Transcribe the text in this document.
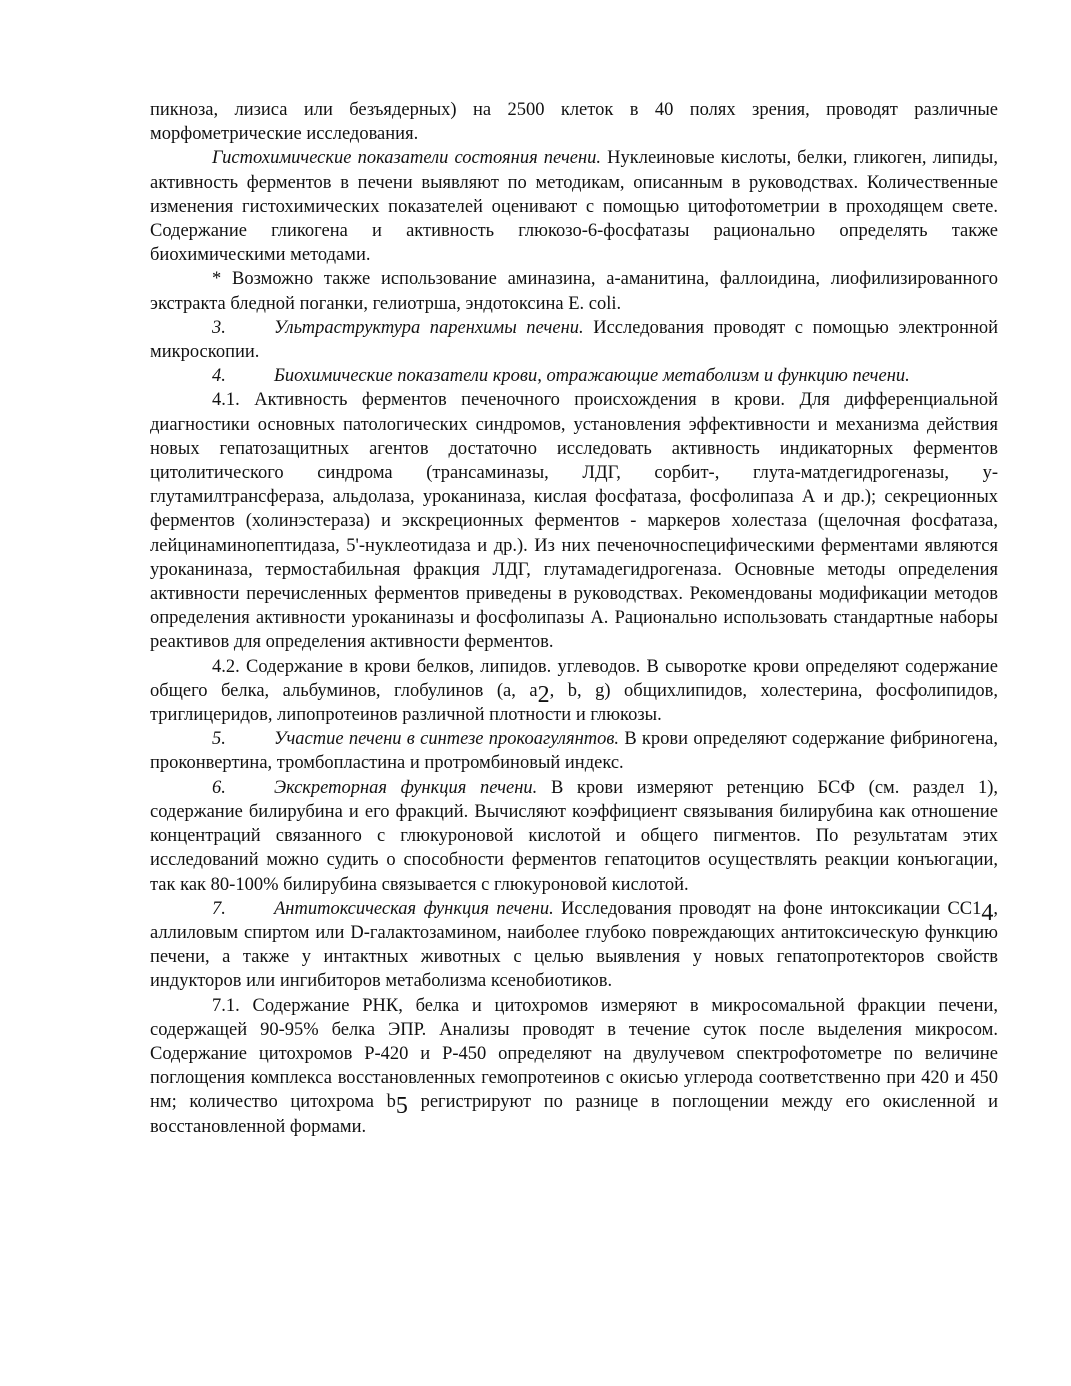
пикноза, лизиса или безъядерных) на 2500 клеток в 40 полях зрения, проводят различные морфометрические исследования.

Гистохимические показатели состояния печени. Нуклеиновые кислоты, белки, гликоген, липиды, активность ферментов в печени выявляют по методикам, описанным в руководствах. Количественные изменения гистохимических показателей оценивают с помощью цитофотометрии в проходящем свете. Содержание гликогена и активность глюкозо-6-фосфатазы рационально определять также биохимическими методами.

* Возможно также использование аминазина, а-аманитина, фаллоидина, лиофилизированного экстракта бледной поганки, гелиотрша, эндотоксина Е. coli.

3.	Ультраструктура паренхимы печени. Исследования проводят с помощью электронной микроскопии.

4.	Биохимические показатели крови, отражающие метаболизм и функцию печени.

4.1. Активность ферментов печеночного происхождения в крови. Для дифференциальной диагностики основных патологических синдромов, установления эффективности и механизма действия новых гепатозащитных агентов достаточно исследовать активность индикаторных ферментов цитолитического синдрома (трансаминазы, ЛДГ, сорбит-, глута-матдегидрогеназы, у-глутамилтрансфераза, альдолаза, уроканиназа, кислая фосфатаза, фосфолипаза А и др.); секреционных ферментов (холинэстераза) и экскреционных ферментов - маркеров холестаза (щелочная фосфатаза, лейцинаминопептидаза, 5'-нуклеотидаза и др.). Из них печеночноспецифическими ферментами являются уроканиназа, термостабильная фракция ЛДГ, глутамадегидрогеназа. Основные методы определения активности перечисленных ферментов приведены в руководствах. Рекомендованы модификации методов определения активности уроканиназы и фосфолипазы А. Рационально использовать стандартные наборы реактивов для определения активности ферментов.

4.2. Содержание в крови белков, липидов. углеводов. В сыворотке крови определяют содержание общего белка, альбуминов, глобулинов (а, а2, b, g) общихлипидов, холестерина, фосфолипидов, триглицеридов, липопротеинов различной плотности и глюкозы.

5.	Участие печени в синтезе прокоагулянтов. В крови определяют содержание фибриногена, проконвертина, тромбопластина и протромбиновый индекс.

6.	Экскреторная функция печени. В крови измеряют ретенцию БСФ (см. раздел 1), содержание билирубина и его фракций. Вычисляют коэффициент связывания билирубина как отношение концентраций связанного с глюкуроновой кислотой и общего пигментов. По результатам этих исследований можно судить о способности ферментов гепатоцитов осуществлять реакции конъюгации, так как 80-100% билирубина связывается с глюкуроновой кислотой.

7.	Антитоксическая функция печени. Исследования проводят на фоне интоксикации СС14, аллиловым спиртом или D-галактозамином, наиболее глубоко повреждающих антитоксическую функцию печени, а также у интактных животных с целью выявления у новых гепатопротекторов свойств индукторов или ингибиторов метаболизма ксенобиотиков.

7.1. Содержание РНК, белка и цитохромов измеряют в микросомальной фракции печени, содержащей 90-95% белка ЭПР. Анализы проводят в течение суток после выделения микросом. Содержание цитохромов Р-420 и Р-450 определяют на двулучевом спектрофотометре по величине поглощения комплекса восстановленных гемопротеинов с окисью углерода соответственно при 420 и 450 нм; количество цитохрома b5 регистрируют по разнице в поглощении между его окисленной и восстановленной формами.
